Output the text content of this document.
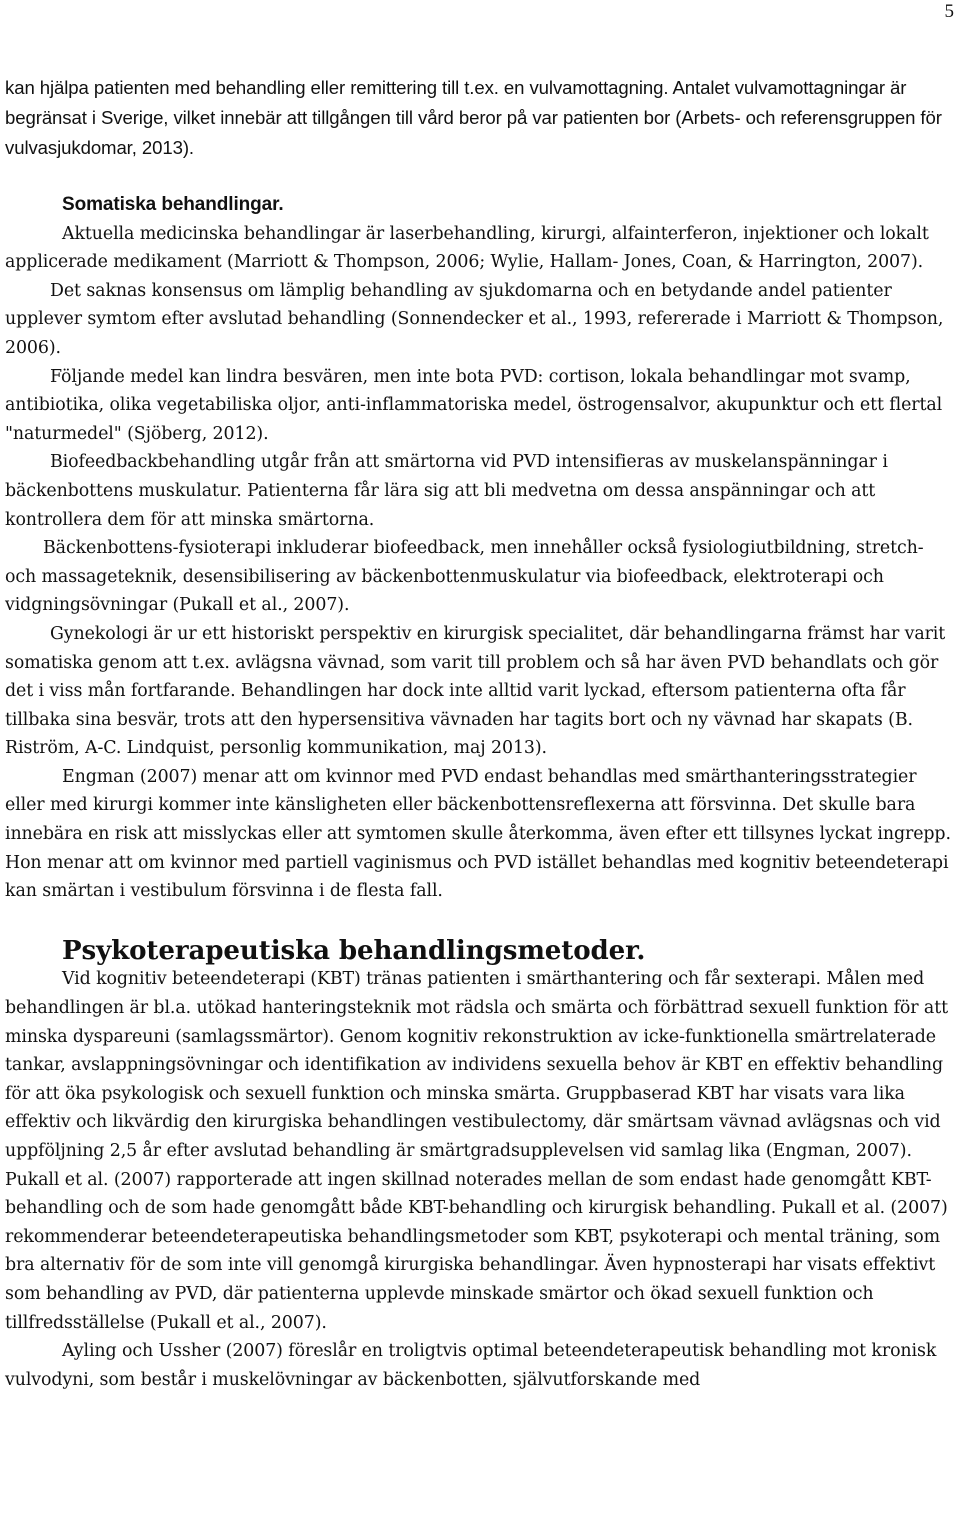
5

kan hjälpa patienten med behandling eller remittering till t.ex. en vulvamottagning. Antalet vulvamottagningar är begränsat i Sverige, vilket innebär att tillgången till vård beror på var patienten bor (Arbets- och referensgruppen för vulvasjukdomar, 2013).

Somatiska behandlingar.

Aktuella medicinska behandlingar är laserbehandling, kirurgi, alfainterferon, injektioner och lokalt applicerade medikament (Marriott & Thompson, 2006; Wylie, Hallam- Jones, Coan, & Harrington, 2007).

Det saknas konsensus om lämplig behandling av sjukdomarna och en betydande andel patienter upplever symtom efter avslutad behandling (Sonnendecker et al., 1993, refererade i Marriott & Thompson, 2006).

Följande medel kan lindra besvären, men inte bota PVD: cortison, lokala behandlingar mot svamp, antibiotika, olika vegetabiliska oljor, anti-inflammatoriska medel, östrogensalvor, akupunktur och ett flertal "naturmedel" (Sjöberg, 2012).

Biofeedbackbehandling utgår från att smärtorna vid PVD intensifieras av muskelanspänningar i bäckenbottens muskulatur. Patienterna får lära sig att bli medvetna om dessa anspänningar och att kontrollera dem för att minska smärtorna.

Bäckenbottens-fysioterapi inkluderar biofeedback, men innehåller också fysiologiutbildning, stretch- och massageteknik, desensibilisering av bäckenbottenmuskulatur via biofeedback, elektroterapi och vidgningsövningar (Pukall et al., 2007).

Gynekologi är ur ett historiskt perspektiv en kirurgisk specialitet, där behandlingarna främst har varit somatiska genom att t.ex. avlägsna vävnad, som varit till problem och så har även PVD behandlats och gör det i viss mån fortfarande. Behandlingen har dock inte alltid varit lyckad, eftersom patienterna ofta får tillbaka sina besvär, trots att den hypersensitiva vävnaden har tagits bort och ny vävnad har skapats (B. Riström, A-C. Lindquist, personlig kommunikation, maj 2013).

Engman (2007) menar att om kvinnor med PVD endast behandlas med smärthanteringsstrategier eller med kirurgi kommer inte känsligheten eller bäckenbottensreflexerna att försvinna. Det skulle bara innebära en risk att misslyckas eller att symtomen skulle återkomma, även efter ett tillsynes lyckat ingrepp. Hon menar att om kvinnor med partiell vaginismus och PVD istället behandlas med kognitiv beteendeterapi kan smärtan i vestibulum försvinna i de flesta fall.

Psykoterapeutiska behandlingsmetoder.

Vid kognitiv beteendeterapi (KBT) tränas patienten i smärthantering och får sexterapi. Målen med behandlingen är bl.a. utökad hanteringsteknik mot rädsla och smärta och förbättrad sexuell funktion för att minska dyspareuni (samlagssmärtor). Genom kognitiv rekonstruktion av icke-funktionella smärtrelaterade tankar, avslappningsövningar och identifikation av individens sexuella behov är KBT en effektiv behandling för att öka psykologisk och sexuell funktion och minska smärta. Gruppbaserad KBT har visats vara lika effektiv och likvärdig den kirurgiska behandlingen vestibulectomy, där smärtsam vävnad avlägsnas och vid uppföljning 2,5 år efter avslutad behandling är smärtgradsupplevelsen vid samlag lika (Engman, 2007).

Pukall et al. (2007) rapporterade att ingen skillnad noterades mellan de som endast hade genomgått KBT-behandling och de som hade genomgått både KBT-behandling och kirurgisk behandling. Pukall et al. (2007) rekommenderar beteendeterapeutiska behandlingsmetoder som KBT, psykoterapi och mental träning, som bra alternativ för de som inte vill genomgå kirurgiska behandlingar. Även hypnosterapi har visats effektivt som behandling av PVD, där patienterna upplevde minskade smärtor och ökad sexuell funktion och tillfredsställelse (Pukall et al., 2007).

Ayling och Ussher (2007) föreslår en troligtvis optimal beteendeterapeutisk behandling mot kronisk vulvodyni, som består i muskelövningar av bäckenbotten, självutforskande med
